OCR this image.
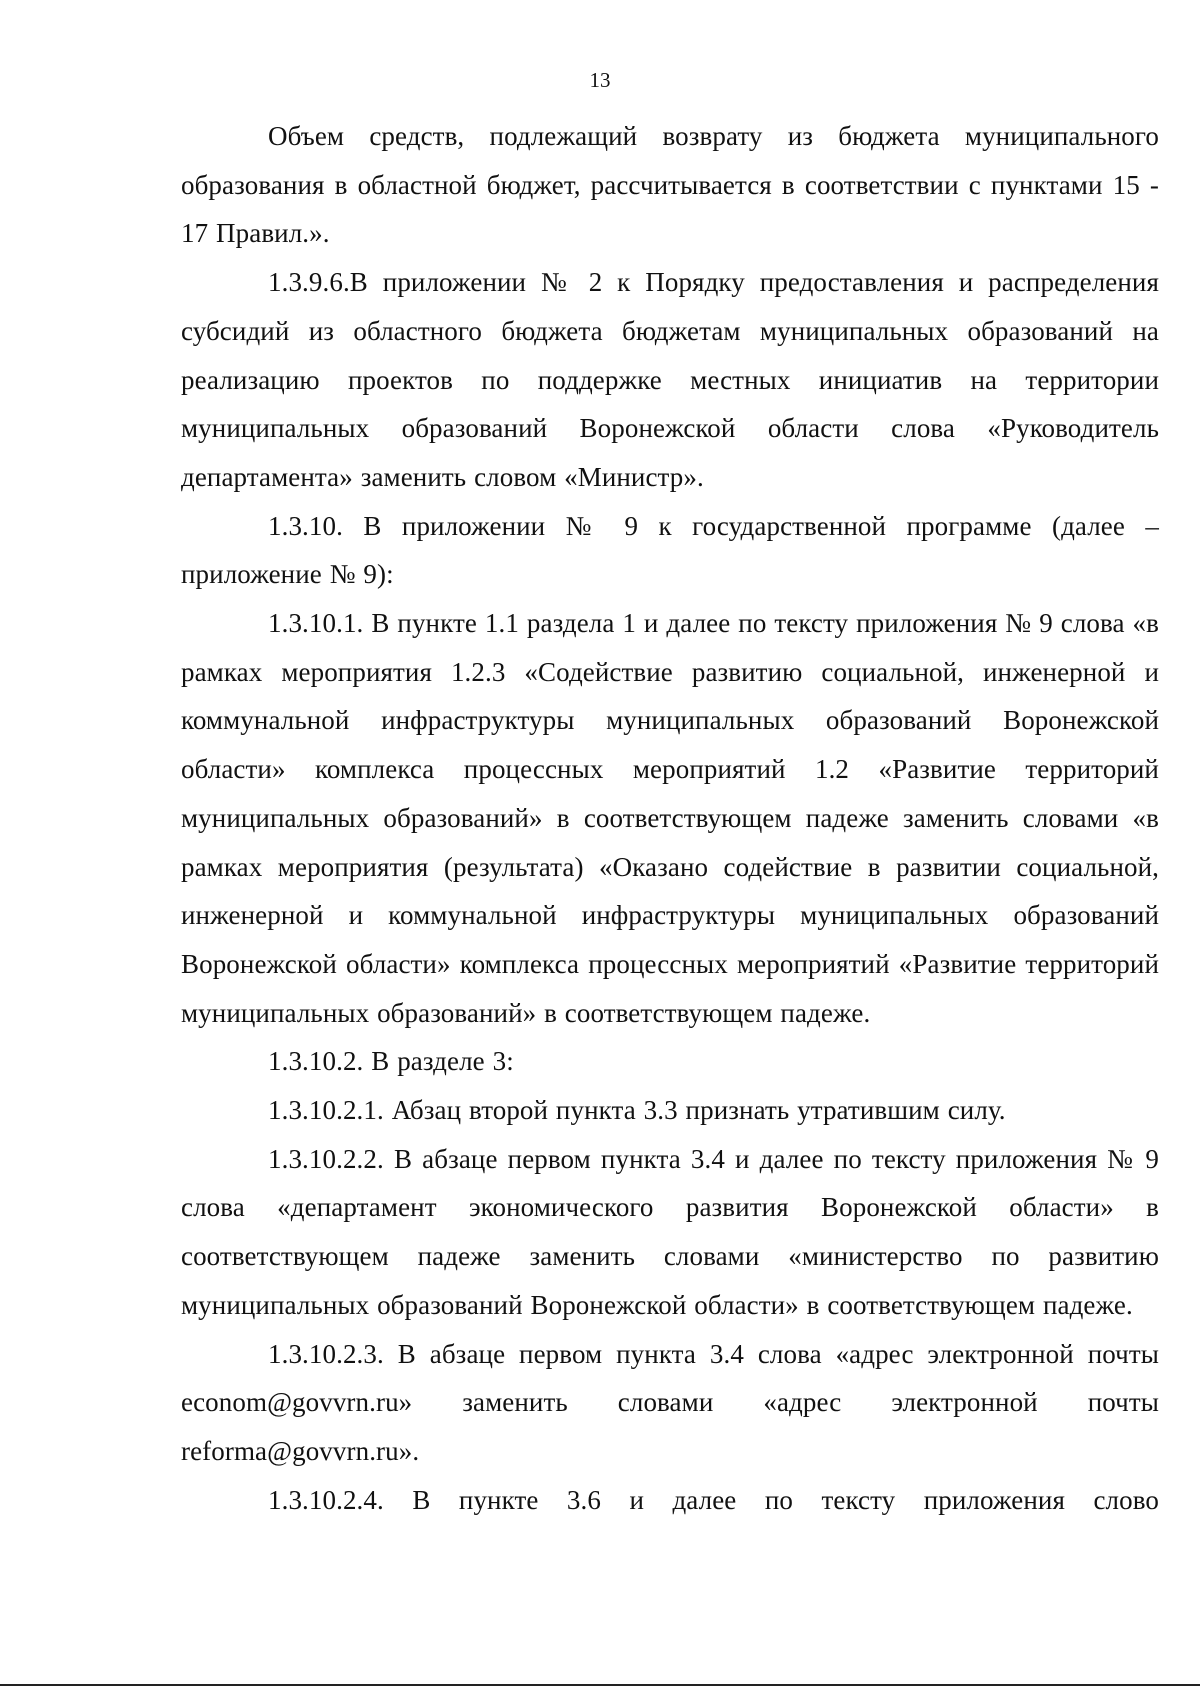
13

Объем средств, подлежащий возврату из бюджета муниципального образования в областной бюджет, рассчитывается в соответствии с пунктами 15 - 17 Правил.».

1.3.9.6.В приложении № 2 к Порядку предоставления и распределения субсидий из областного бюджета бюджетам муниципальных образований на реализацию проектов по поддержке местных инициатив на территории муниципальных образований Воронежской области слова «Руководитель департамента» заменить словом «Министр».

1.3.10. В приложении № 9 к государственной программе (далее – приложение № 9):

1.3.10.1. В пункте 1.1 раздела 1 и далее по тексту приложения № 9 слова «в рамках мероприятия 1.2.3 «Содействие развитию социальной, инженерной и коммунальной инфраструктуры муниципальных образований Воронежской области» комплекса процессных мероприятий 1.2 «Развитие территорий муниципальных образований» в соответствующем падеже заменить словами «в рамках мероприятия (результата) «Оказано содействие в развитии социальной, инженерной и коммунальной инфраструктуры муниципальных образований Воронежской области» комплекса процессных мероприятий «Развитие территорий муниципальных образований» в соответствующем падеже.

1.3.10.2. В разделе 3:

1.3.10.2.1. Абзац второй пункта 3.3 признать утратившим силу.

1.3.10.2.2. В абзаце первом пункта 3.4 и далее по тексту приложения № 9 слова «департамент экономического развития Воронежской области» в соответствующем падеже заменить словами «министерство по развитию муниципальных образований Воронежской области» в соответствующем падеже.

1.3.10.2.3. В абзаце первом пункта 3.4 слова «адрес электронной почты econom@govvrn.ru» заменить словами «адрес электронной почты reforma@govvrn.ru».

1.3.10.2.4. В пункте 3.6 и далее по тексту приложения слово
